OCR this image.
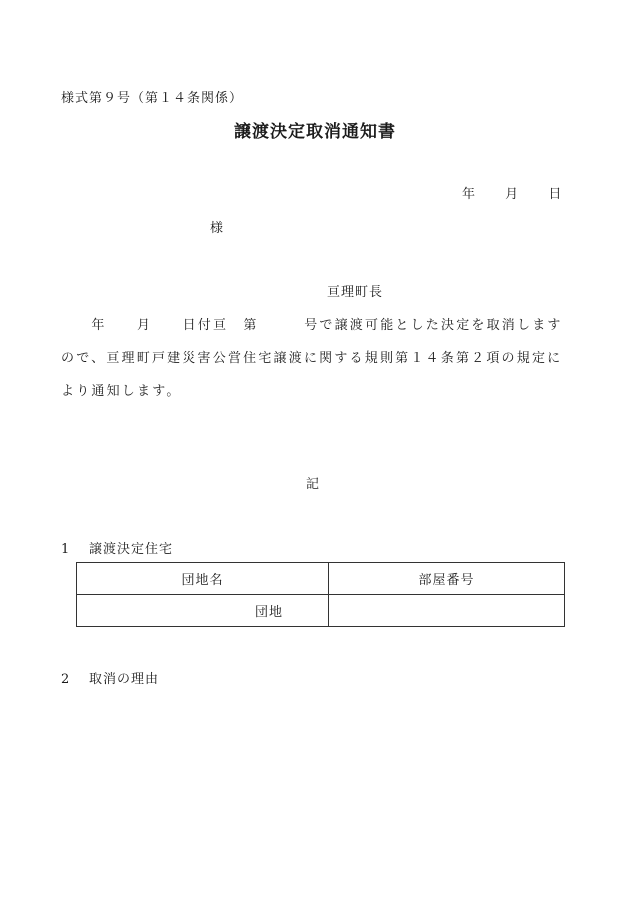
様式第９号（第１４条関係）
譲渡決定取消通知書
年 月 日
様
亘理町長
　　年　　月　　日付亘　第　　　号で譲渡可能とした決定を取消しますので、亘理町戸建災害公営住宅譲渡に関する規則第１４条第２項の規定により通知します。
記
1 譲渡決定住宅
団地名	部屋番号
団地	
2 取消の理由
